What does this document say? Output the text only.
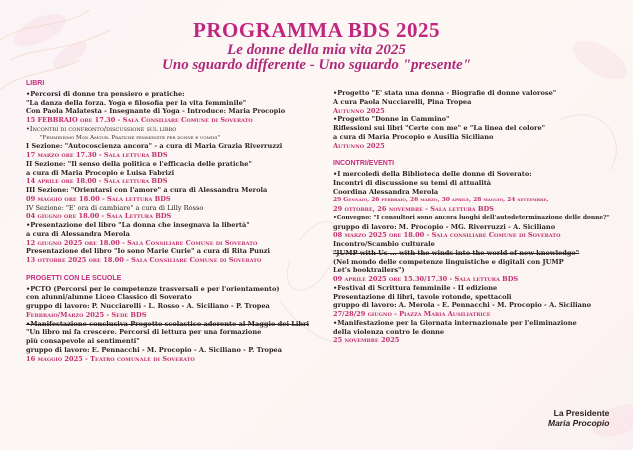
PROGRAMMA BDS 2025
Le donne della mia vita 2025
Uno sguardo differente - Uno sguardo "presente"
LIBRI
•Percorsi di donne tra pensiero e pratiche:
"La danza della forza. Yoga e filosofia per la vita femminile"
Con Paola Malatesta - Insegnante di Yoga - Introduce: Maria Procopio
15 FEBBRAIO ore 17.30 - Sala Consiliare Comune di Soverato
•Incontri di confronto/discussione sul libro
"Femminismo Mon Amour. Pratiche femministe per donne e uomini"
I Sezione: "Autocoscienza ancora" - a cura di Maria Grazia Riverruzzi
17 marzo ore 17.30 - Sala lettura BDS
II Sezione: "Il senso della politica e l'efficacia delle pratiche"
a cura di Maria Procopio e Luisa Fabrizi
14 aprile ore 18.00 - Sala lettura BDS
III Sezione: "Orientarsi con l'amore" a cura di Alessandra Merola
09 maggio ore 18.00 - Sala lettura BDS
IV Sezione: "E' ora di cambiare" a cura di Lilly Rosso
04 giugno ore 18.00 - Sala Lettura BDS
•Presentazione del libro "La donna che insegnava la libertà"
a cura di Alessandra Merola
12 giugno 2025 ore 18.00 - Sala Consiliare Comune di Soverato
Presentazione del libro "Io sono Marie Curie" a cura di Rita Punzi
13 ottobre 2025 ore 18.00 - Sala Consiliare Comune di Soverato
PROGETTI CON LE SCUOLE
•PCTO (Percorsi per le competenze trasversali e per l'orientamento)
con alunni/alunne Liceo Classico di Soverato
gruppo di lavoro: P. Nucciarelli - L. Rosso - A. Siciliano - P. Tropea
Febbraio/Marzo 2025 - Sede BDS
•Manifestazione conclusiva Progetto scolastico aderente al Maggio dei Libri
"Un libro mi fa crescere. Percorsi di lettura per una formazione
più consapevole ai sentimenti"
gruppo di lavoro: E. Pennacchi - M. Procopio - A. Siciliano - P. Tropea
16 maggio 2025 - Teatro comunale di Soverato
•Progetto "E' stata una donna - Biografie di donne valorose"
A cura Paola Nucciarelli, Pina Tropea
Autunno 2025
•Progetto "Donne in Cammino"
Riflessioni sui libri "Certe con me" e "La linea del colore"
a cura di Maria Procopio e Ausilia Siciliano
Autunno 2025
INCONTRI/EVENTI
•I mercoledì della Biblioteca delle donne di Soverato:
Incontri di discussione su temi di attualità
Coordina Alessandra Merola
29 Gennaio, 26 febbraio, 26 marzo, 30 aprile, 28 maggio, 24 settembre,
29 ottobre, 26 novembre - Sala lettura BDS
•Convegno: "I consultori sono ancora luoghi dell'autodeterminazione delle donne?"
gruppo di lavoro: M. Procopio - MG. Riverruzzi - A. Siciliano
08 marzo 2025 ore 18.00 - Sala consiliare Comune di Soverato
Incontro/Scambio culturale
"JUMP with Us ... with the winds into the world of new knowledge"
(Nel mondo delle competenze linguistiche e digitali con JUMP
Let's booktrailers")
09 aprile 2025 ore 15.30/17.30 - Sala lettura BDS
•Festival di Scrittura femminile - II edizione
Presentazione di libri, tavole rotonde, spettacoli
gruppo di lavoro: A. Merola - E. Pennacchi - M. Procopio - A. Siciliano
27/28/29 giugno - Piazza Maria Ausiliatrice
•Manifestazione per la Giornata internazionale per l'eliminazione
della violenza contro le donne
25 novembre 2025
La Presidente
Maria Procopio
